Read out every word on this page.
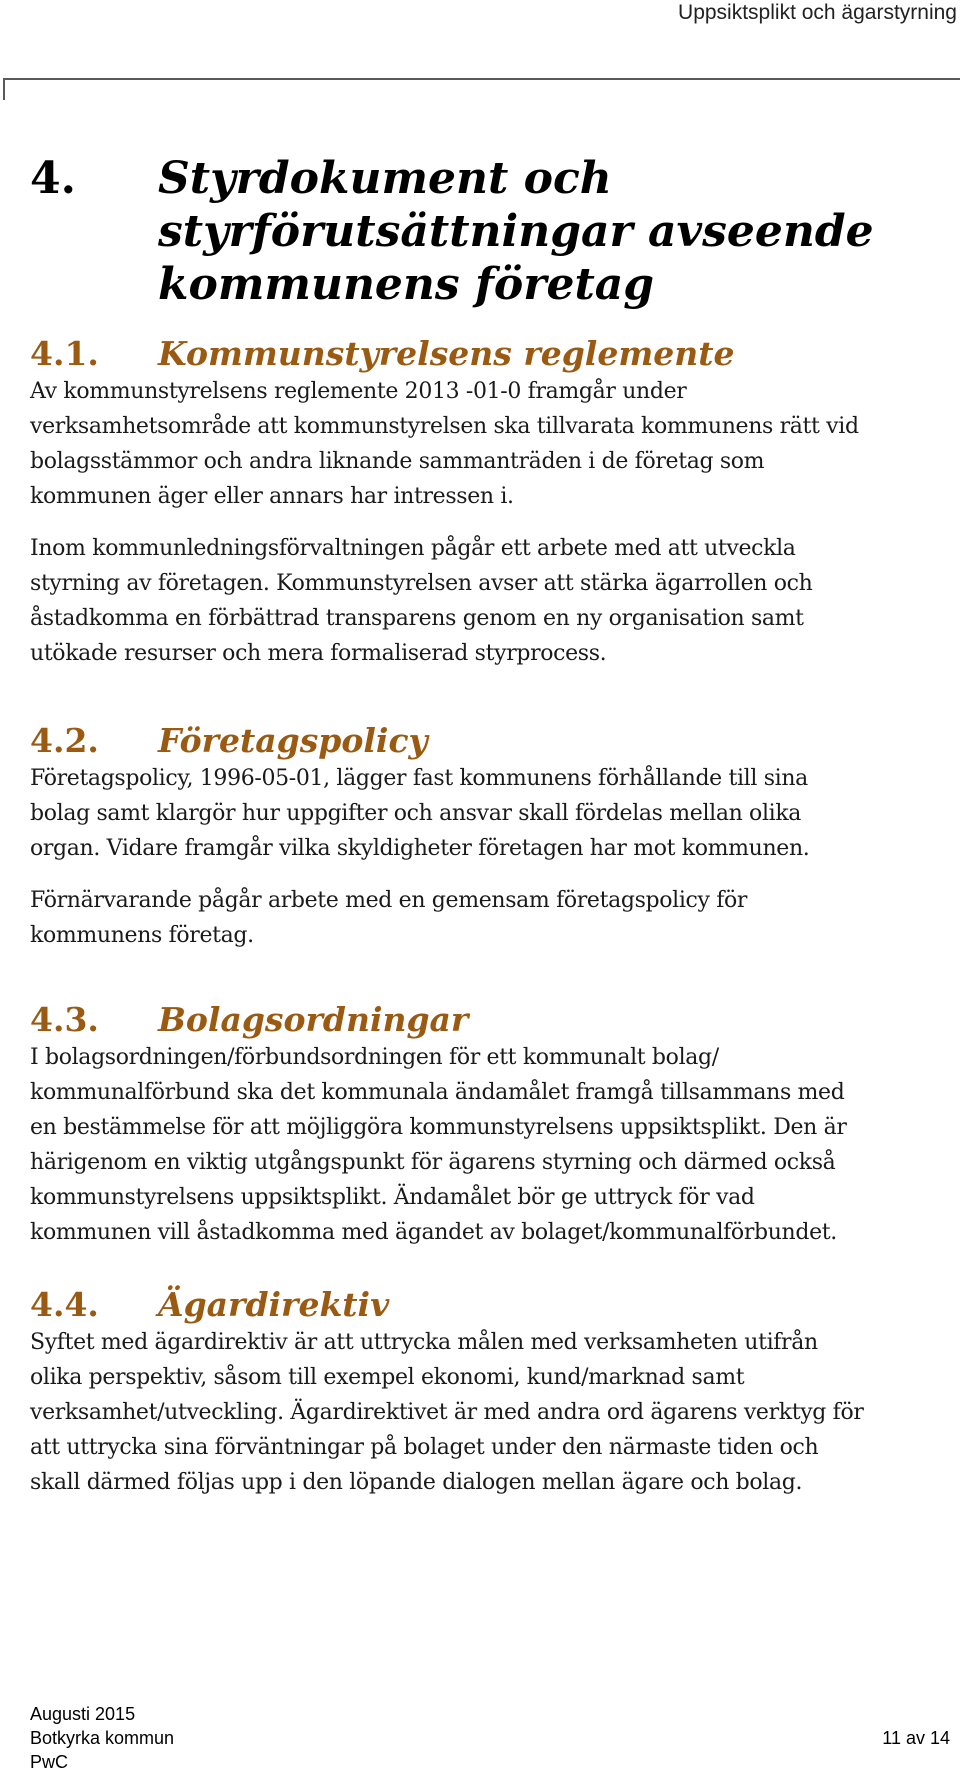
Uppsiktsplikt och ägarstyrning
4. Styrdokument och
styrförutsättningar avseende
kommunens företag
4.1. Kommunstyrelsens reglemente
Av kommunstyrelsens reglemente 2013 -01-0 framgår under
verksamhetsområde att kommunstyrelsen ska tillvarata kommunens rätt vid
bolagsstämmor och andra liknande sammanträden i de företag som
kommunen äger eller annars har intressen i.
Inom kommunledningsförvaltningen pågår ett arbete med att utveckla
styrning av företagen. Kommunstyrelsen avser att stärka ägarrollen och
åstadkomma en förbättrad transparens genom en ny organisation samt
utökade resurser och mera formaliserad styrprocess.
4.2. Företagspolicy
Företagspolicy, 1996-05-01, lägger fast kommunens förhållande till sina
bolag samt klargör hur uppgifter och ansvar skall fördelas mellan olika
organ. Vidare framgår vilka skyldigheter företagen har mot kommunen.
Förnärvarande pågår arbete med en gemensam företagspolicy för
kommunens företag.
4.3. Bolagsordningar
I bolagsordningen/förbundsordningen för ett kommunalt bolag/
kommunalförbund ska det kommunala ändamålet framgå tillsammans med
en bestämmelse för att möjliggöra kommunstyrelsens uppsiktsplikt. Den är
härigenom en viktig utgångspunkt för ägarens styrning och därmed också
kommunstyrelsens uppsiktsplikt. Ändamålet bör ge uttryck för vad
kommunen vill åstadkomma med ägandet av bolaget/kommunalförbundet.
4.4. Ägardirektiv
Syftet med ägardirektiv är att uttrycka målen med verksamheten utifrån
olika perspektiv, såsom till exempel ekonomi, kund/marknad samt
verksamhet/utveckling. Ägardirektivet är med andra ord ägarens verktyg för
att uttrycka sina förväntningar på bolaget under den närmaste tiden och
skall därmed följas upp i den löpande dialogen mellan ägare och bolag.
Augusti 2015
Botkyrka kommun
PwC
11 av 14
